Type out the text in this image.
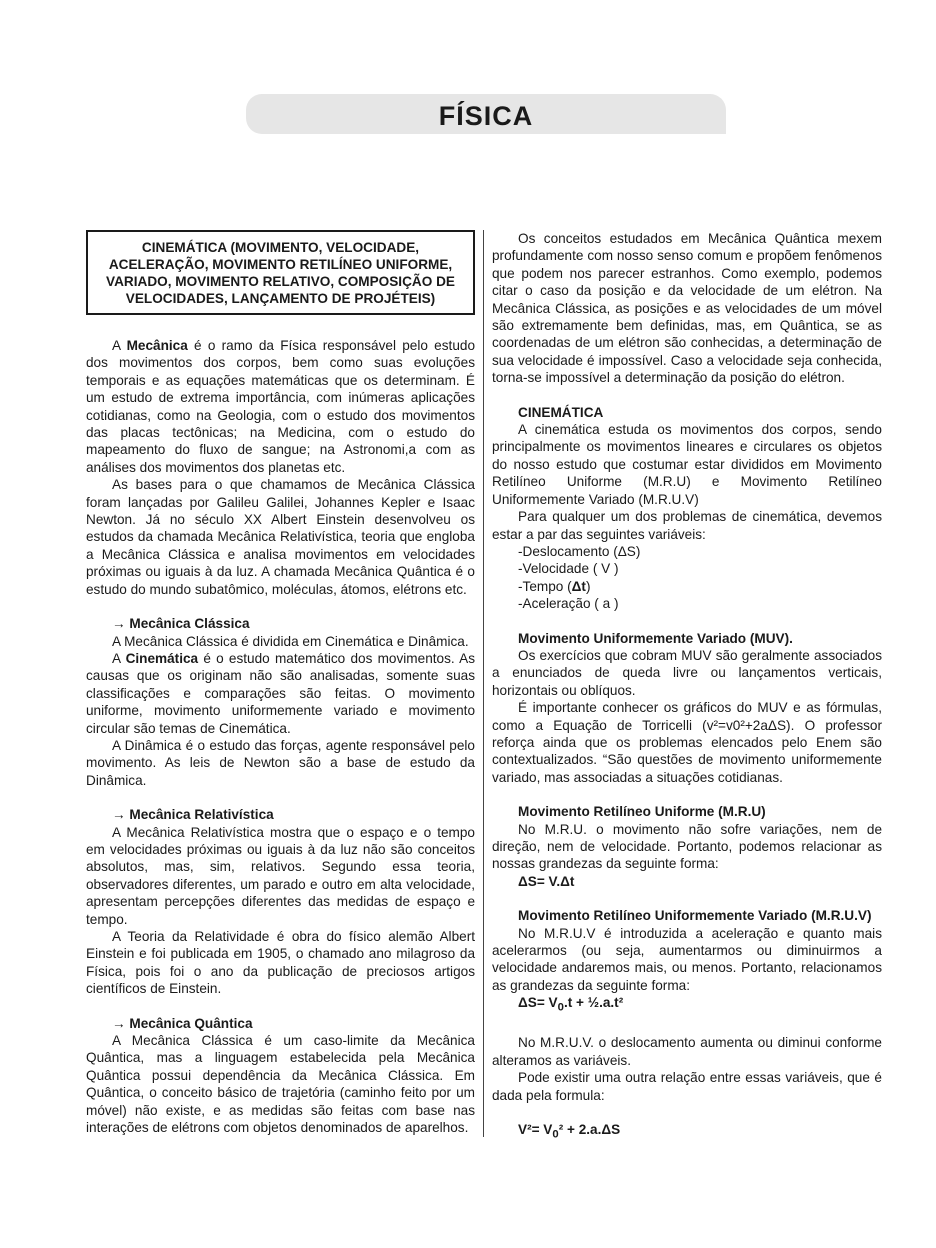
FÍSICA
CINEMÁTICA (MOVIMENTO, VELOCIDADE, ACELERAÇÃO, MOVIMENTO RETILÍNEO UNIFORME, VARIADO, MOVIMENTO RELATIVO, COMPOSIÇÃO DE VELOCIDADES, LANÇAMENTO DE PROJÉTEIS)

A Mecânica é o ramo da Física responsável pelo estudo dos movimentos dos corpos, bem como suas evoluções temporais e as equações matemáticas que os determinam. É um estudo de extrema importância, com inúmeras aplicações cotidianas, como na Geologia, com o estudo dos movimentos das placas tectônicas; na Medicina, com o estudo do mapeamento do fluxo de sangue; na Astronomi,a com as análises dos movimentos dos planetas etc.

As bases para o que chamamos de Mecânica Clássica foram lançadas por Galileu Galilei, Johannes Kepler e Isaac Newton. Já no século XX Albert Einstein desenvolveu os estudos da chamada Mecânica Relativística, teoria que engloba a Mecânica Clássica e analisa movimentos em velocidades próximas ou iguais à da luz. A chamada Mecânica Quântica é o estudo do mundo subatômico, moléculas, átomos, elétrons etc.

→ Mecânica Clássica

A Mecânica Clássica é dividida em Cinemática e Dinâmica.

A Cinemática é o estudo matemático dos movimentos. As causas que os originam não são analisadas, somente suas classificações e comparações são feitas. O movimento uniforme, movimento uniformemente variado e movimento circular são temas de Cinemática.

A Dinâmica é o estudo das forças, agente responsável pelo movimento. As leis de Newton são a base de estudo da Dinâmica.

→ Mecânica Relativística

A Mecânica Relativística mostra que o espaço e o tempo em velocidades próximas ou iguais à da luz não são conceitos absolutos, mas, sim, relativos. Segundo essa teoria, observadores diferentes, um parado e outro em alta velocidade, apresentam percepções diferentes das medidas de espaço e tempo.

A Teoria da Relatividade é obra do físico alemão Albert Einstein e foi publicada em 1905, o chamado ano milagroso da Física, pois foi o ano da publicação de preciosos artigos científicos de Einstein.

→ Mecânica Quântica

A Mecânica Clássica é um caso-limite da Mecânica Quântica, mas a linguagem estabelecida pela Mecânica Quântica possui dependência da Mecânica Clássica. Em Quântica, o conceito básico de trajetória (caminho feito por um móvel) não existe, e as medidas são feitas com base nas interações de elétrons com objetos denominados de aparelhos.

Os conceitos estudados em Mecânica Quântica mexem profundamente com nosso senso comum e propõem fenômenos que podem nos parecer estranhos. Como exemplo, podemos citar o caso da posição e da velocidade de um elétron. Na Mecânica Clássica, as posições e as velocidades de um móvel são extremamente bem definidas, mas, em Quântica, se as coordenadas de um elétron são conhecidas, a determinação de sua velocidade é impossível. Caso a velocidade seja conhecida, torna-se impossível a determinação da posição do elétron.

CINEMÁTICA

A cinemática estuda os movimentos dos corpos, sendo principalmente os movimentos lineares e circulares os objetos do nosso estudo que costumar estar divididos em Movimento Retilíneo Uniforme (M.R.U) e Movimento Retilíneo Uniformemente Variado (M.R.U.V)

Para qualquer um dos problemas de cinemática, devemos estar a par das seguintes variáveis:

-Deslocamento (ΔS)

-Velocidade ( V )

-Tempo (Δt)

-Aceleração ( a )

Movimento Uniformemente Variado (MUV).

Os exercícios que cobram MUV são geralmente associados a enunciados de queda livre ou lançamentos verticais, horizontais ou oblíquos.

É importante conhecer os gráficos do MUV e as fórmulas, como a Equação de Torricelli (v²=v0²+2aΔS). O professor reforça ainda que os problemas elencados pelo Enem são contextualizados. “São questões de movimento uniformemente variado, mas associadas a situações cotidianas.

Movimento Retilíneo Uniforme (M.R.U)

No M.R.U. o movimento não sofre variações, nem de direção, nem de velocidade. Portanto, podemos relacionar as nossas grandezas da seguinte forma:

ΔS= V.Δt

Movimento Retilíneo Uniformemente Variado (M.R.U.V)

No M.R.U.V é introduzida a aceleração e quanto mais acelerarmos (ou seja, aumentarmos ou diminuirmos a velocidade andaremos mais, ou menos. Portanto, relacionamos as grandezas da seguinte forma:

$\Delta S= V_0.t$ + ½.a.t²

No M.R.U.V. o deslocamento aumenta ou diminui conforme alteramos as variáveis.

Pode existir uma outra relação entre essas variáveis, que é dada pela formula:

$V^2= V_0^2 + 2.a.\Delta S$
